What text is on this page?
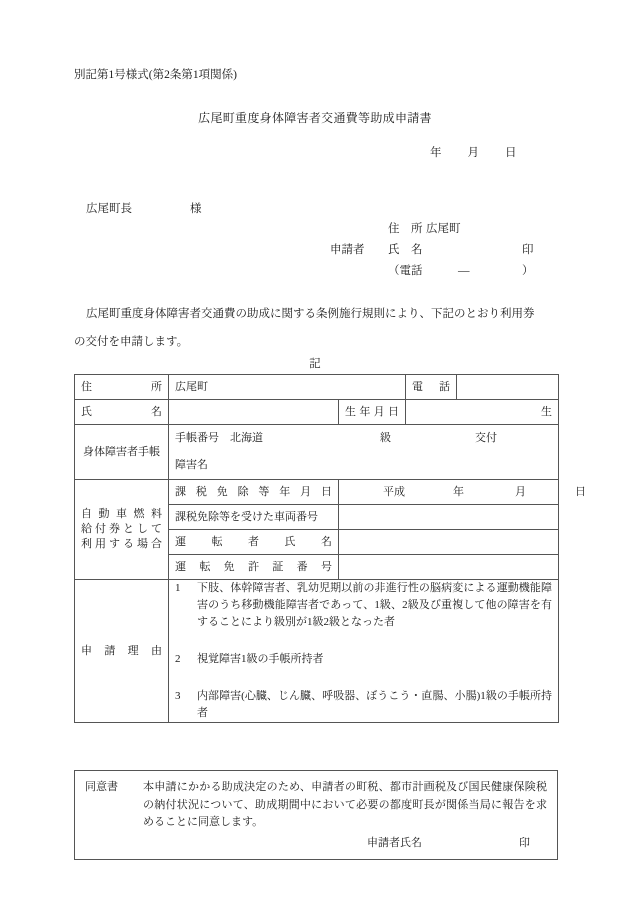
別記第1号様式(第2条第1項関係)
広尾町重度身体障害者交通費等助成申請書
年 月 日
広尾町長	様
住　所 広尾町
申請者 氏　名	印
（電話	—	）
広尾町重度身体障害者交通費の助成に関する条例施行規則により、下記のとおり利用券
の交付を申請します。
記
住所	広尾町		電話	

氏名		生年月日	生	
身体障害者手帳	手帳番号　北海道 級 交付
障害名			

自動車燃料
給付券として
利用する場合	課税免除等年月日	平成 年 月 日		

	課税免除等を受けた車両番号			

	運転者氏名			

	運転免許証番号			

申請理由

1 下肢、体幹障害者、乳幼児期以前の非進行性の脳病変による運動機能障害のうち移動機能障害者であって、1級、2級及び重複して他の障害を有することにより級別が1級2級となった者
2 視覚障害1級の手帳所持者
3 内部障害(心臓、じん臓、呼吸器、ぼうこう・直腸、小腸)1級の手帳所持者
同意書 本申請にかかる助成決定のため、申請者の町税、都市計画税及び国民健康保険税の納付状況について、助成期間中において必要の都度町長が関係当局に報告を求めることに同意します。
申請者氏名	印
